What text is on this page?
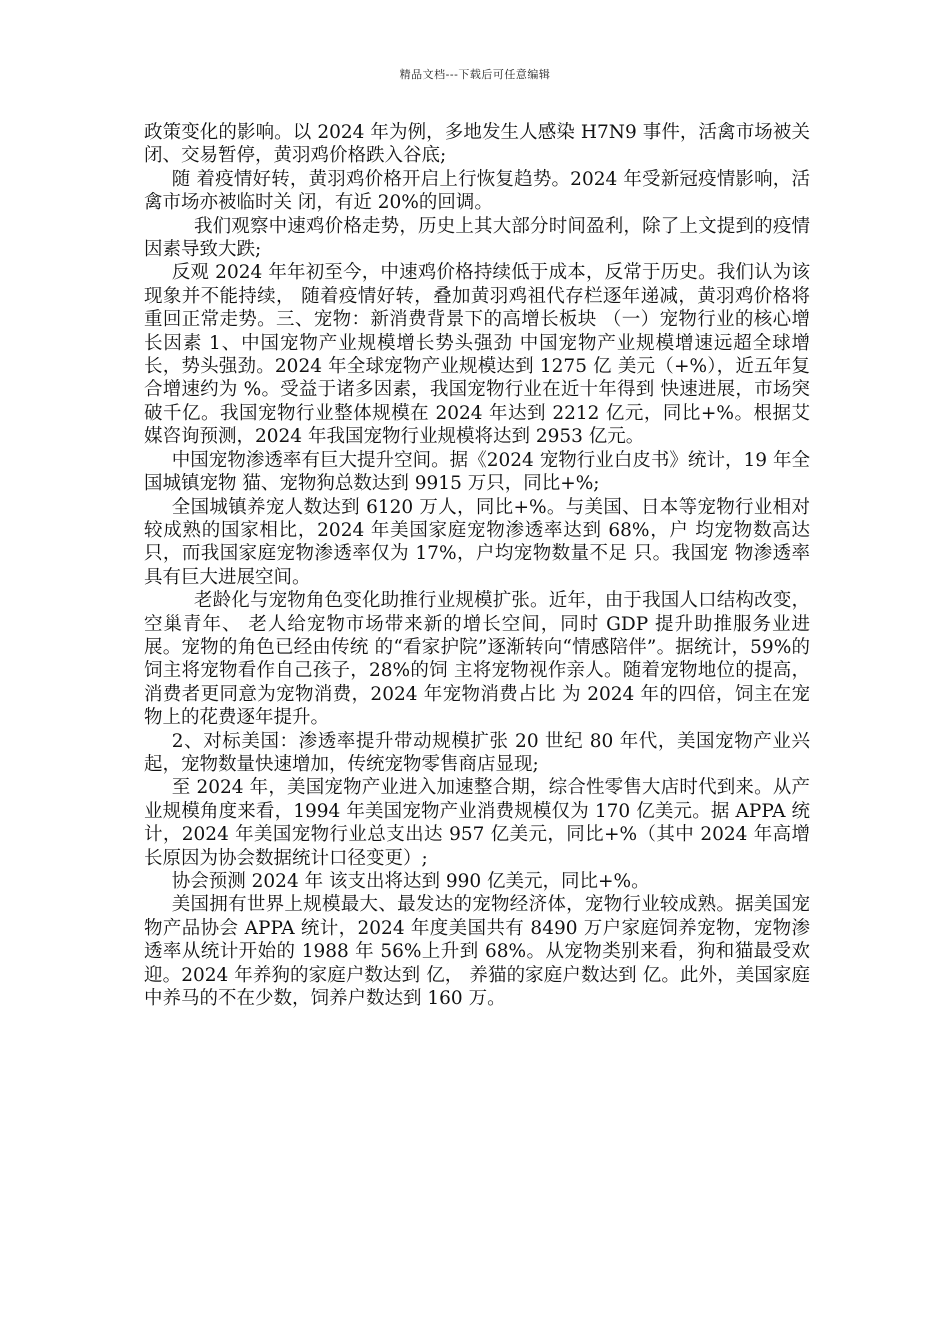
精品文档---下载后可任意编辑

政策变化的影响。以 2024 年为例，多地发生人感染 H7N9 事件，活禽市场被关闭、交易暂停，黄羽鸡价格跌入谷底;

随 着疫情好转，黄羽鸡价格开启上行恢复趋势。2024 年受新冠疫情影响，活禽市场亦被临时关 闭，有近 20%的回调。

我们观察中速鸡价格走势，历史上其大部分时间盈利，除了上文提到的疫情因素导致大跌;

反观 2024 年年初至今，中速鸡价格持续低于成本，反常于历史。我们认为该现象并不能持续， 随着疫情好转，叠加黄羽鸡祖代存栏逐年递减，黄羽鸡价格将重回正常走势。三、宠物：新消费背景下的高增长板块 （一）宠物行业的核心增长因素 1、中国宠物产业规模增长势头强劲 中国宠物产业规模增速远超全球增长，势头强劲。2024 年全球宠物产业规模达到 1275 亿 美元（+%），近五年复合增速约为 %。受益于诸多因素，我国宠物行业在近十年得到 快速进展，市场突破千亿。我国宠物行业整体规模在 2024 年达到 2212 亿元，同比+%。根据艾媒咨询预测，2024 年我国宠物行业规模将达到 2953 亿元。

中国宠物渗透率有巨大提升空间。据《2024 宠物行业白皮书》统计，19 年全国城镇宠物 猫、宠物狗总数达到 9915 万只，同比+%;

全国城镇养宠人数达到 6120 万人，同比+%。与美国、日本等宠物行业相对较成熟的国家相比，2024 年美国家庭宠物渗透率达到 68%，户 均宠物数高达 只，而我国家庭宠物渗透率仅为 17%，户均宠物数量不足 只。我国宠 物渗透率具有巨大进展空间。

老龄化与宠物角色变化助推行业规模扩张。近年，由于我国人口结构改变，空巢青年、 老人给宠物市场带来新的增长空间，同时 GDP 提升助推服务业进展。宠物的角色已经由传统 的“看家护院”逐渐转向“情感陪伴”。据统计，59%的饲主将宠物看作自己孩子，28%的饲 主将宠物视作亲人。随着宠物地位的提高，消费者更同意为宠物消费，2024 年宠物消费占比 为 2024 年的四倍，饲主在宠物上的花费逐年提升。

2、对标美国：渗透率提升带动规模扩张 20 世纪 80 年代，美国宠物产业兴起，宠物数量快速增加，传统宠物零售商店显现;

至 2024 年，美国宠物产业进入加速整合期，综合性零售大店时代到来。从产业规模角度来看，1994 年美国宠物产业消费规模仅为 170 亿美元。据 APPA 统计，2024 年美国宠物行业总支出达 957 亿美元，同比+%（其中 2024 年高增长原因为协会数据统计口径变更）;

协会预测 2024 年 该支出将达到 990 亿美元，同比+%。

美国拥有世界上规模最大、最发达的宠物经济体，宠物行业较成熟。据美国宠物产品协会 APPA 统计，2024 年度美国共有 8490 万户家庭饲养宠物，宠物渗透率从统计开始的 1988 年 56%上升到 68%。从宠物类别来看，狗和猫最受欢迎。2024 年养狗的家庭户数达到 亿， 养猫的家庭户数达到 亿。此外，美国家庭中养马的不在少数，饲养户数达到 160 万。
